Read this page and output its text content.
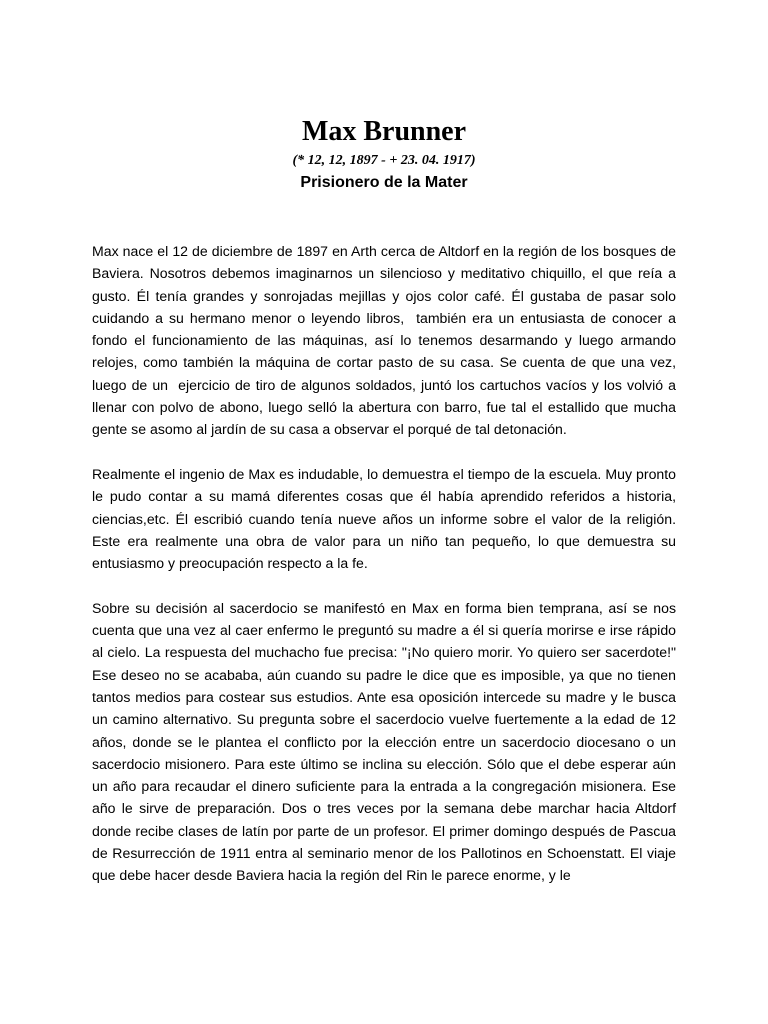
Max Brunner
(* 12, 12, 1897 - + 23. 04. 1917)
Prisionero de la Mater

Max nace el 12 de diciembre de 1897 en Arth cerca de Altdorf en la región de los bosques de Baviera. Nosotros debemos imaginarnos un silencioso y meditativo chiquillo, el que reía a gusto. Él tenía grandes y sonrojadas mejillas y ojos color café. Él gustaba de pasar solo cuidando a su hermano menor o leyendo libros,  también era un entusiasta de conocer a fondo el funcionamiento de las máquinas, así lo tenemos desarmando y luego armando relojes, como también la máquina de cortar pasto de su casa. Se cuenta de que una vez, luego de un  ejercicio de tiro de algunos soldados, juntó los cartuchos vacíos y los volvió a llenar con polvo de abono, luego selló la abertura con barro, fue tal el estallido que mucha gente se asomo al jardín de su casa a observar el porqué de tal detonación.

Realmente el ingenio de Max es indudable, lo demuestra el tiempo de la escuela. Muy pronto le pudo contar a su mamá diferentes cosas que él había aprendido referidos a historia, ciencias,etc. Él escribió cuando tenía nueve años un informe sobre el valor de la religión. Este era realmente una obra de valor para un niño tan pequeño, lo que demuestra su entusiasmo y preocupación respecto a la fe.

Sobre su decisión al sacerdocio se manifestó en Max en forma bien temprana, así se nos cuenta que una vez al caer enfermo le preguntó su madre a él si quería morirse e irse rápido al cielo. La respuesta del muchacho fue precisa: "¡No quiero morir. Yo quiero ser sacerdote!"  Ese deseo no se acababa, aún cuando su padre le dice que es imposible, ya que no tienen tantos medios para costear sus estudios. Ante esa oposición intercede su madre y le busca un camino alternativo. Su pregunta sobre el sacerdocio vuelve fuertemente a la edad de 12 años, donde se le plantea el conflicto por la elección entre un sacerdocio diocesano o un sacerdocio misionero. Para este último se inclina su elección. Sólo que el debe esperar aún un año para recaudar el dinero suficiente para la entrada a la congregación misionera. Ese año le sirve de preparación. Dos o tres veces por la semana debe marchar hacia Altdorf donde recibe clases de latín por parte de un profesor. El primer domingo después de Pascua de Resurrección de 1911 entra al seminario menor de los Pallotinos en Schoenstatt. El viaje que debe hacer desde Baviera hacia la región del Rin le parece enorme, y le
